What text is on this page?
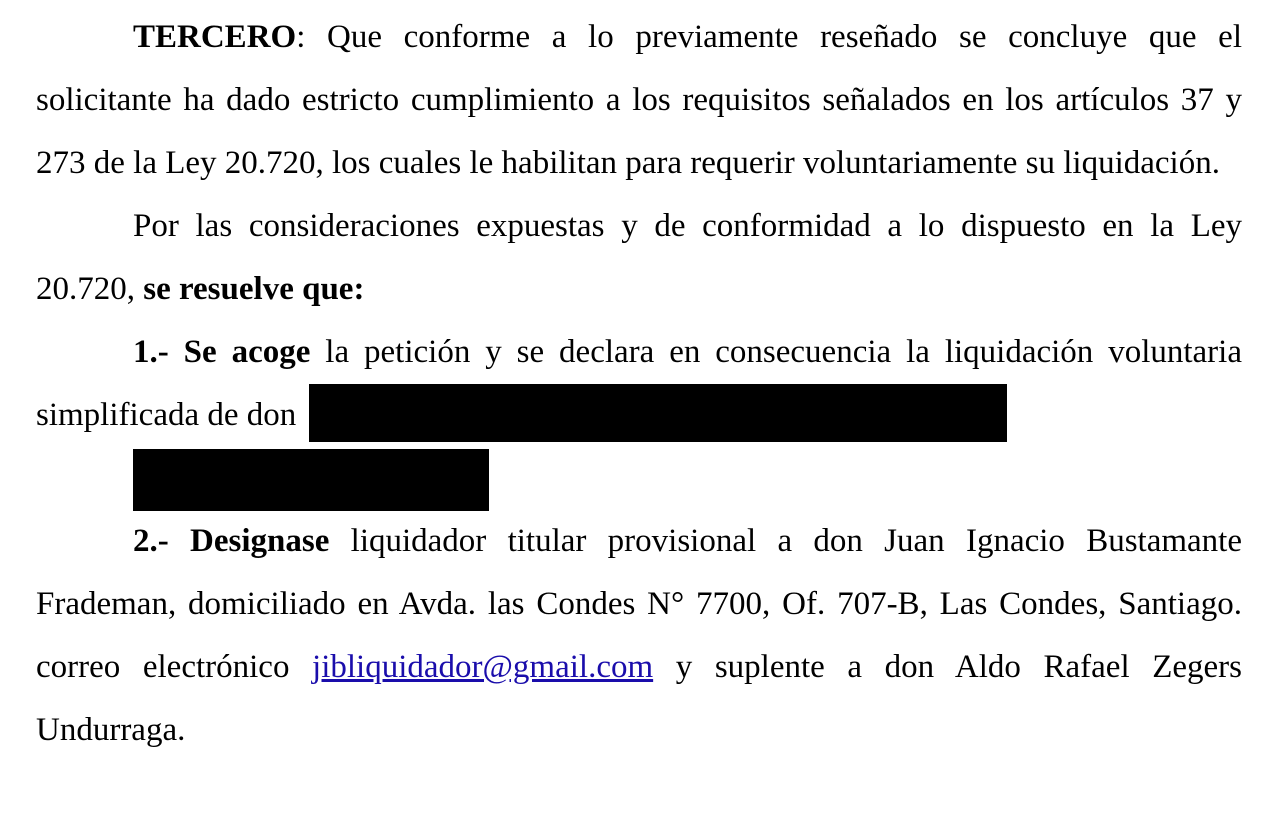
TERCERO: Que conforme a lo previamente reseñado se concluye que el solicitante ha dado estricto cumplimiento a los requisitos señalados en los artículos 37 y 273 de la Ley 20.720, los cuales le habilitan para requerir voluntariamente su liquidación.

Por las consideraciones expuestas y de conformidad a lo dispuesto en la Ley 20.720, se resuelve que:

1.- Se acoge la petición y se declara en consecuencia la liquidación voluntaria simplificada de don

2.- Designase liquidador titular provisional a don Juan Ignacio Bustamante Frademan, domiciliado en Avda. las Condes N° 7700, Of. 707-B, Las Condes, Santiago. correo electrónico jibliquidador@gmail.com y suplente a don Aldo Rafael Zegers Undurraga.
